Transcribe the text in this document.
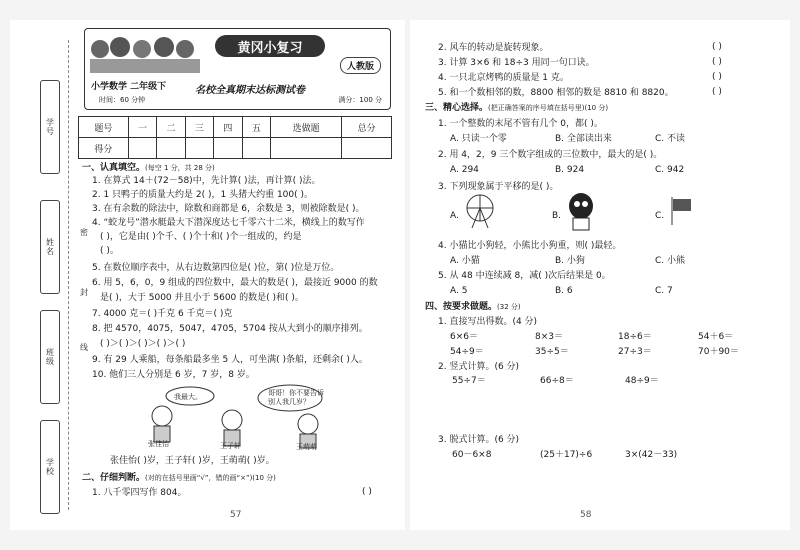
学号
姓名
班级
学校
密
封
线
黄冈小复习
人教版
小学数学 二年级下	名校全真期末达标测试卷
时间：60 分钟	满分：100 分
题号	一	二	三	四	五	选做题	总分
得分							
一、认真填空。(每空 1 分，共 28 分)
1. 在算式 14＋(72－58)中，先计算( )法，再计算( )法。
2. 1 只鸭子的质量大约是 2( )，1 头猪大约重 100( )。
3. 在有余数的除法中，除数和商都是 6，余数是 3，则被除数是( )。
4. “蛟龙号”潜水艇最大下潜深度达七千零六十二米，横线上的数写作
( )，它是由( )个千、( )个十和( )个一组成的，约是
( )。
5. 在数位顺序表中，从右边数第四位是( )位，第( )位是万位。
6. 用 5，6，0，9 组成的四位数中，最大的数是( )，最接近 9000 的数
是( )，大于 5000 并且小于 5600 的数是( )和( )。
7. 4000 克＝( )千克 6 千克＝( )克
8. 把 4570，4075，5047，4705，5704 按从大到小的顺序排列。
( )＞( )＞( )＞( )＞( )
9. 有 29 人乘船，每条船最多坐 5 人，可坐满( )条船，还剩余( )人。
10. 他们三人分别是 6 岁，7 岁，8 岁。
我最大。	哥哥！你不要告诉别人我几岁？
张佳怡	王子轩	王萌萌
张佳怡( )岁，王子轩( )岁，王萌萌( )岁。
二、仔细判断。(对的在括号里画“√”，错的画“×”)(10 分)
1. 八千零四写作 804。	( )
57
2. 风车的转动是旋转现象。	( )
3. 计算 3×6 和 18÷3 用同一句口诀。	( )
4. 一只北京烤鸭的质量是 1 克。	( )
5. 和一个数相邻的数，8800 相邻的数是 8810 和 8820。	( )
三、精心选择。(把正确答案的序号填在括号里)(10 分)
1. 一个整数的末尾不管有几个 0，都( )。
A. 只读一个零	B. 全部读出来	C. 不读
2. 用 4，2，9 三个数字组成的三位数中，最大的是( )。
A. 294	B. 924	C. 942
3. 下列现象属于平移的是( )。
A.	B.	C.
4. 小猫比小狗轻，小熊比小狗重，则( )最轻。
A. 小猫	B. 小狗	C. 小熊
5. 从 48 中连续减 8，减( )次后结果是 0。
A. 5	B. 6	C. 7
四、按要求做题。(32 分)
1. 直接写出得数。(4 分)
6×6＝	8×3＝	18÷6＝	54＋6＝
54÷9＝	35÷5＝	27÷3＝	70＋90＝
2. 竖式计算。(6 分)
55÷7＝	66÷8＝	48÷9＝
3. 脱式计算。(6 分)
60－6×8	(25＋17)÷6	3×(42－33)
58
